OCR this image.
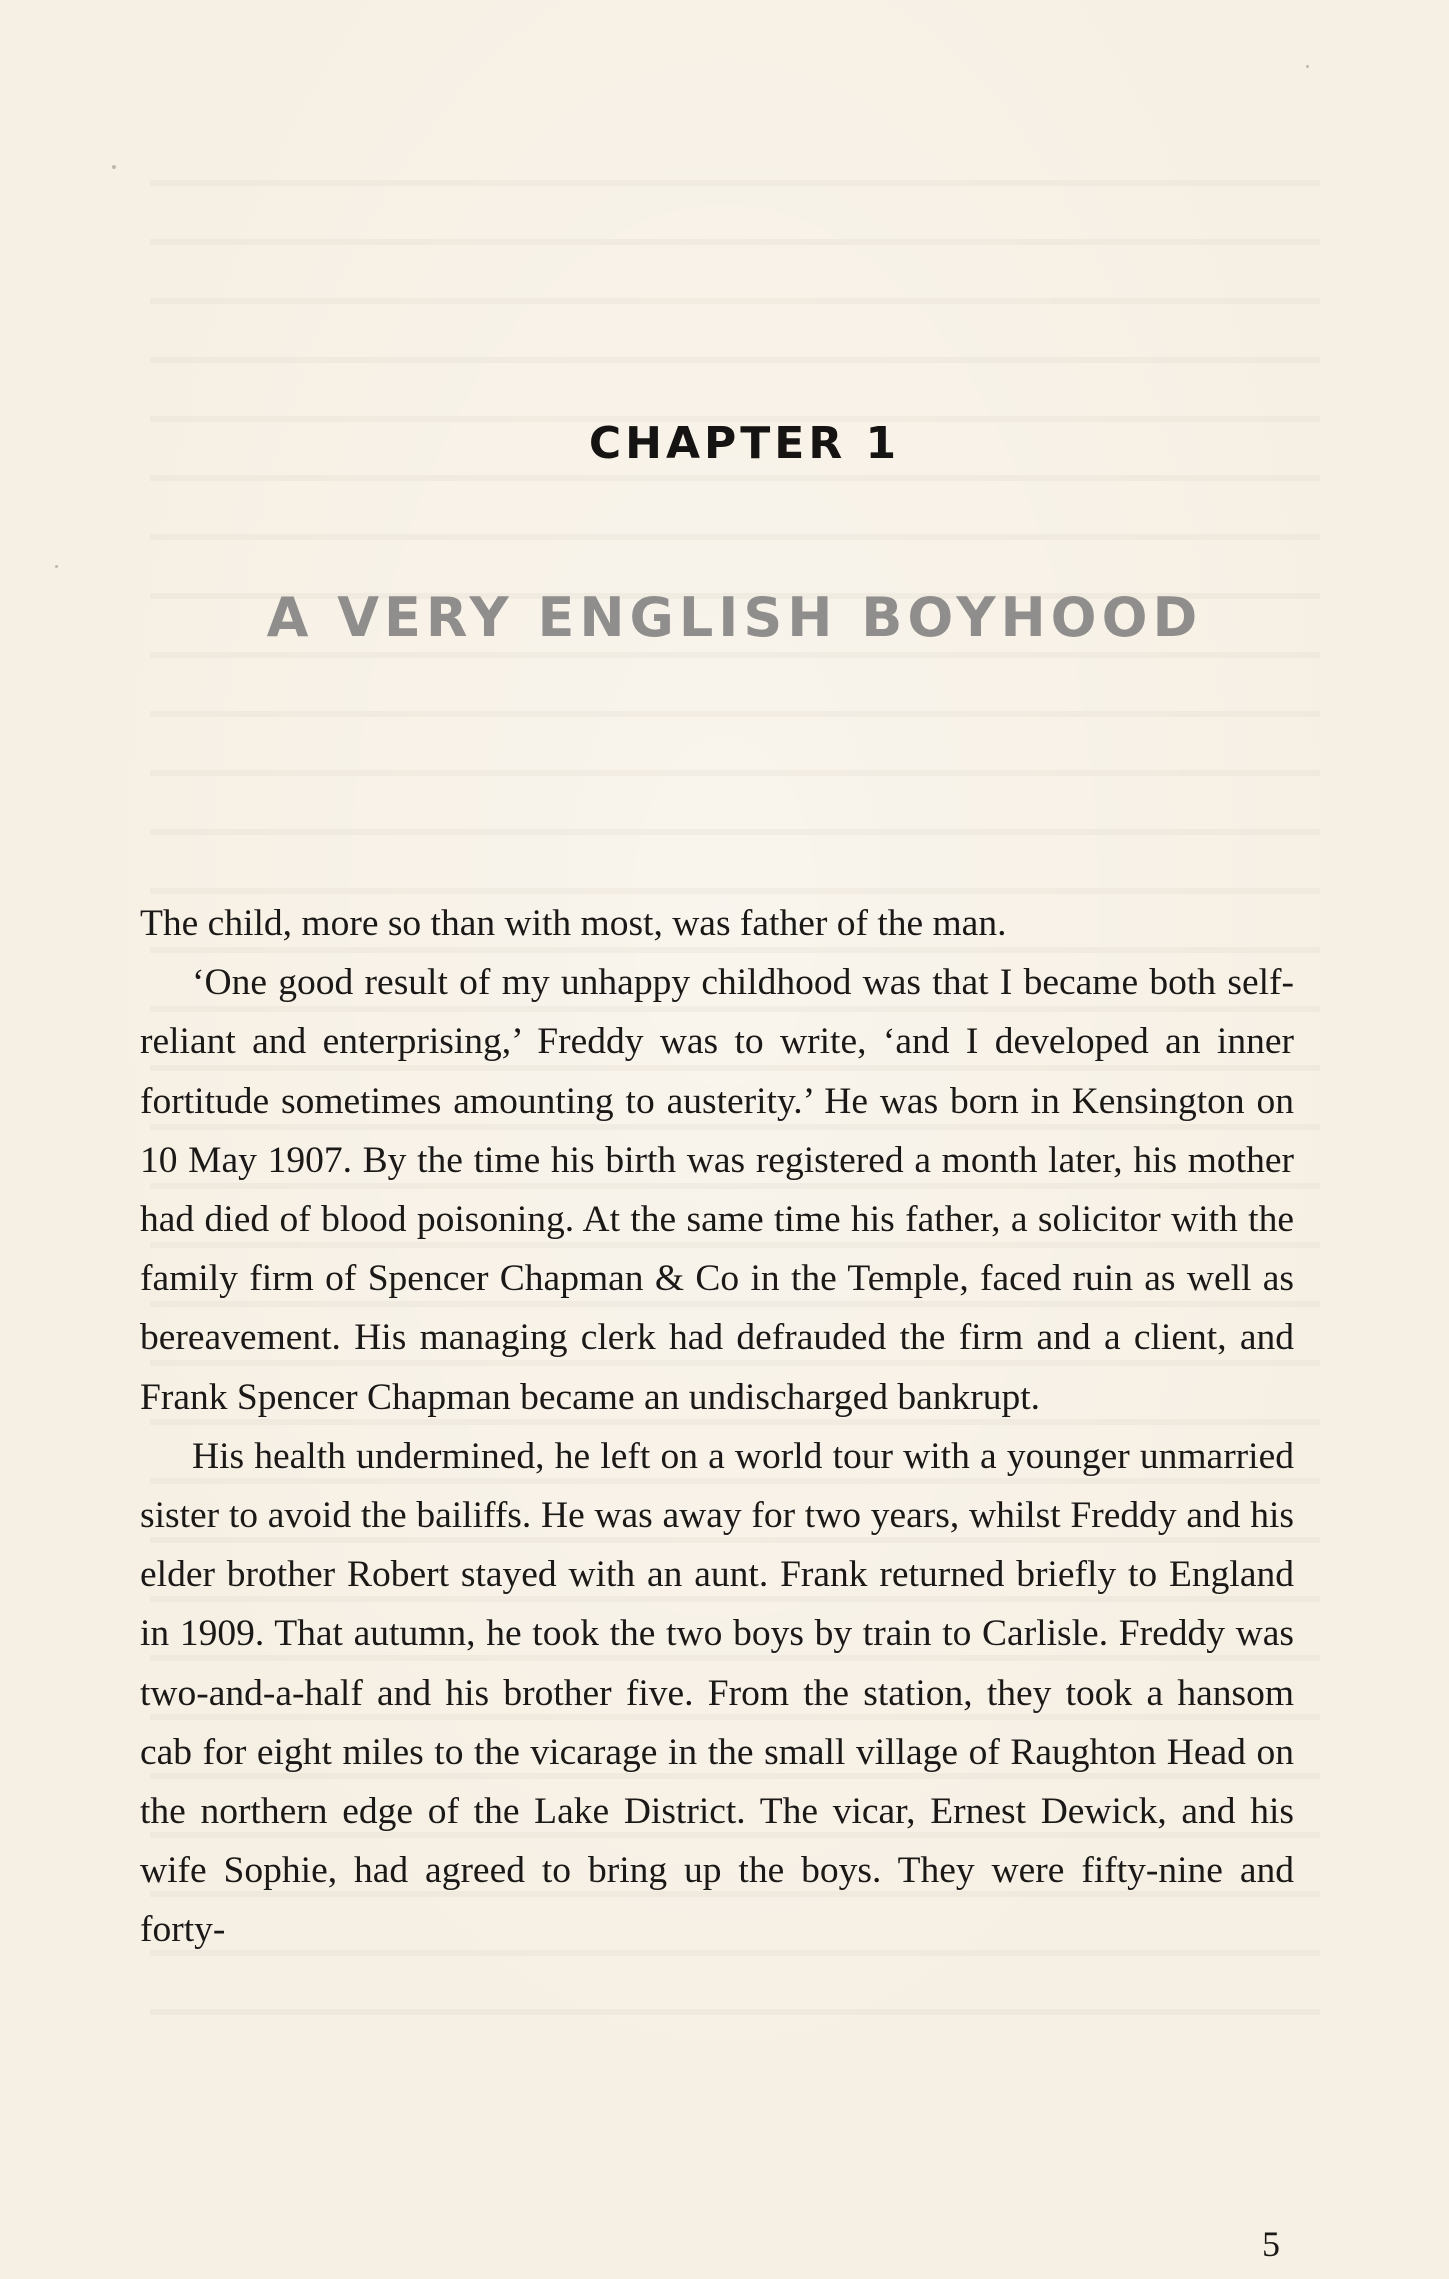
CHAPTER 1
A VERY ENGLISH BOYHOOD

The child, more so than with most, was father of the man.

‘One good result of my unhappy childhood was that I became both self-reliant and enterprising,’ Freddy was to write, ‘and I developed an inner fortitude sometimes amounting to austerity.’ He was born in Kensington on 10 May 1907. By the time his birth was registered a month later, his mother had died of blood poisoning. At the same time his father, a solicitor with the family firm of Spencer Chapman & Co in the Temple, faced ruin as well as bereavement. His managing clerk had defrauded the firm and a client, and Frank Spencer Chapman became an undischarged bankrupt.

His health undermined, he left on a world tour with a younger unmarried sister to avoid the bailiffs. He was away for two years, whilst Freddy and his elder brother Robert stayed with an aunt. Frank returned briefly to England in 1909. That autumn, he took the two boys by train to Carlisle. Freddy was two-and-a-half and his brother five. From the station, they took a hansom cab for eight miles to the vicarage in the small village of Raughton Head on the northern edge of the Lake District. The vicar, Ernest Dewick, and his wife Sophie, had agreed to bring up the boys. They were fifty-nine and forty-

5
